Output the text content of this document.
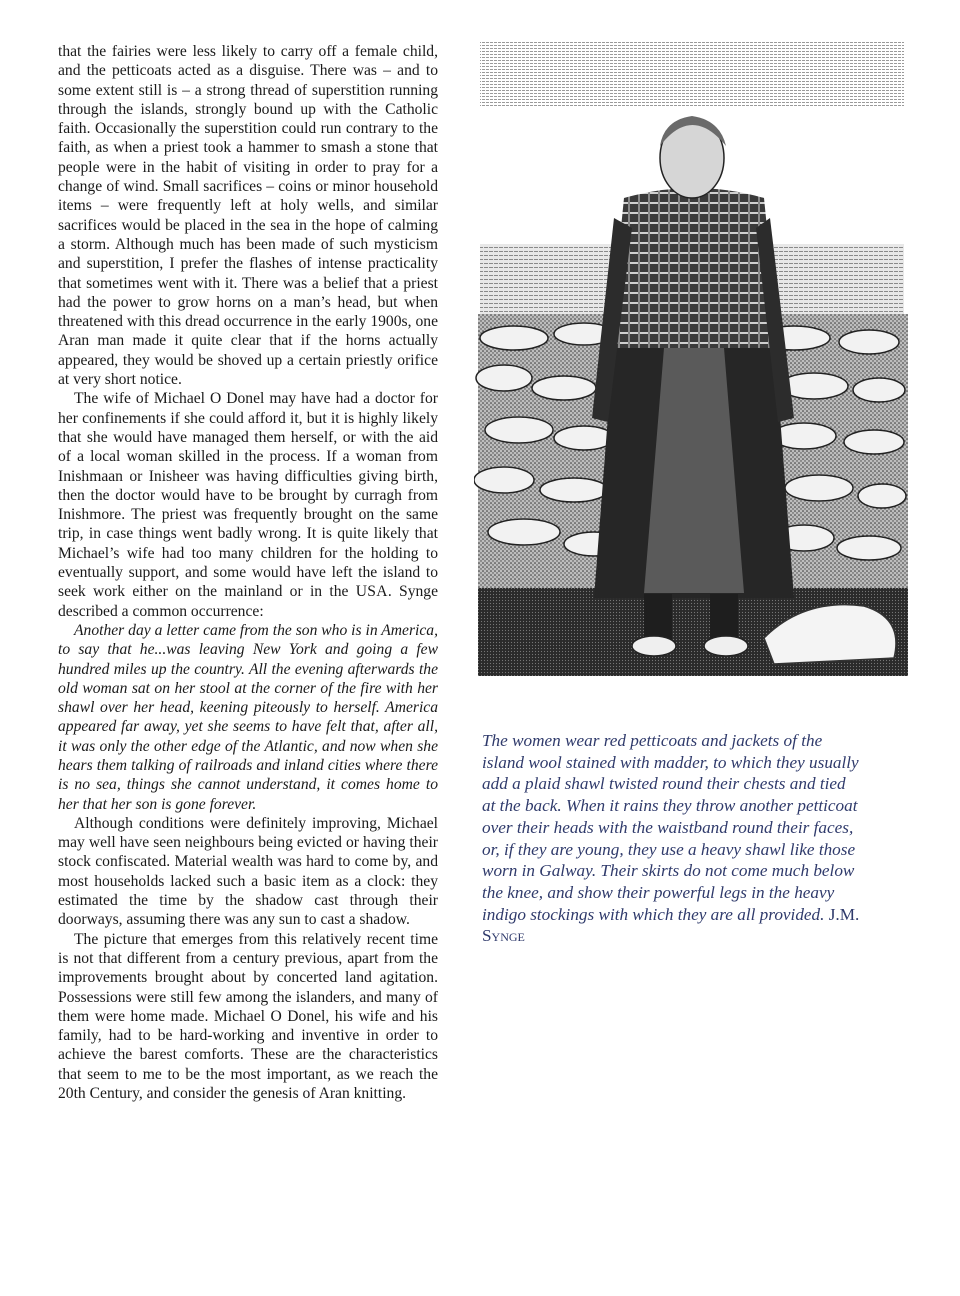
that the fairies were less likely to carry off a female child, and the petticoats acted as a disguise. There was – and to some extent still is – a strong thread of superstition running through the islands, strongly bound up with the Catholic faith. Occasionally the superstition could run contrary to the faith, as when a priest took a hammer to smash a stone that people were in the habit of visiting in order to pray for a change of wind. Small sacrifices – coins or minor household items – were frequently left at holy wells, and similar sacrifices would be placed in the sea in the hope of calming a storm. Although much has been made of such mysticism and superstition, I prefer the flashes of intense practicality that sometimes went with it. There was a belief that a priest had the power to grow horns on a man’s head, but when threatened with this dread occurrence in the early 1900s, one Aran man made it quite clear that if the horns actually appeared, they would be shoved up a certain priestly orifice at very short notice.

The wife of Michael O Donel may have had a doctor for her confinements if she could afford it, but it is highly likely that she would have managed them herself, or with the aid of a local woman skilled in the process. If a woman from Inishmaan or Inisheer was having difficulties giving birth, then the doctor would have to be brought by curragh from Inishmore. The priest was frequently brought on the same trip, in case things went badly wrong. It is quite likely that Michael’s wife had too many children for the holding to eventually support, and some would have left the island to seek work either on the mainland or in the USA. Synge described a common occurrence:

Another day a letter came from the son who is in America, to say that he...was leaving New York and going a few hundred miles up the country. All the evening afterwards the old woman sat on her stool at the corner of the fire with her shawl over her head, keening piteously to herself. America appeared far away, yet she seems to have felt that, after all, it was only the other edge of the Atlantic, and now when she hears them talking of railroads and inland cities where there is no sea, things she cannot understand, it comes home to her that her son is gone forever.

Although conditions were definitely improving, Michael may well have seen neighbours being evicted or having their stock confiscated. Material wealth was hard to come by, and most households lacked such a basic item as a clock: they estimated the time by the shadow cast through their doorways, assuming there was any sun to cast a shadow.

The picture that emerges from this relatively recent time is not that different from a century previous, apart from the improvements brought about by concerted land agitation. Possessions were still few among the islanders, and many of them were home made. Michael O Donel, his wife and his family, had to be hard-working and inventive in order to achieve the barest comforts. These are the characteristics that seem to me to be the most important, as we reach the 20th Century, and consider the genesis of Aran knitting.

The women wear red petticoats and jackets of the island wool stained with madder, to which they usually add a plaid shawl twisted round their chests and tied at the back. When it rains they throw another petticoat over their heads with the waistband round their faces, or, if they are young, they use a heavy shawl like those worn in Galway. Their skirts do not come much below the knee, and show their powerful legs in the heavy indigo stockings with which they are all provided. J.M. Synge
